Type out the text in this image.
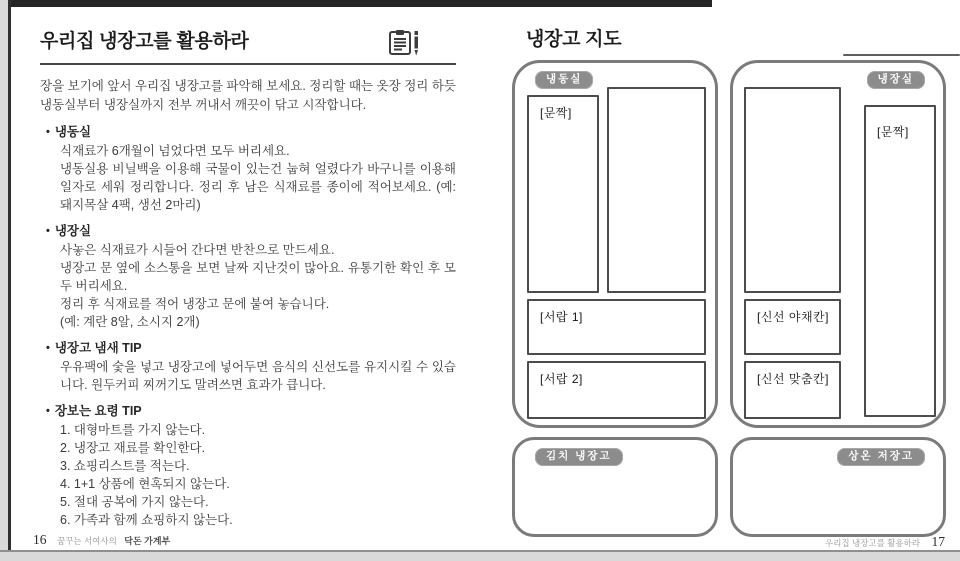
우리집 냉장고를 활용하라

장을 보기에 앞서 우리집 냉장고를 파악해 보세요. 정리할 때는 옷장 정리 하듯 냉동실부터 냉장실까지 전부 꺼내서 깨끗이 닦고 시작합니다.

• 냉동실

식재료가 6개월이 넘었다면 모두 버리세요.

냉동실용 비닐백을 이용해 국물이 있는건 눕혀 얼렸다가 바구니를 이용해 일자로 세워 정리합니다. 정리 후 남은 식재료를 종이에 적어보세요. (예: 돼지목살 4팩, 생선 2마리)

• 냉장실

사놓은 식재료가 시들어 간다면 반찬으로 만드세요.

냉장고 문 옆에 소스통을 보면 날짜 지난것이 많아요. 유통기한 확인 후 모두 버리세요.

정리 후 식재료를 적어 냉장고 문에 붙여 놓습니다.

(예: 계란 8알, 소시지 2개)

• 냉장고 냄새 TIP

우유팩에 숯을 넣고 냉장고에 넣어두면 음식의 신선도를 유지시킬 수 있습니다. 원두커피 찌꺼기도 말려쓰면 효과가 큽니다.

• 장보는 요령 TIP

1. 대형마트를 가지 않는다.

2. 냉장고 재료를 확인한다.

3. 쇼핑리스트를 적는다.

4. 1+1 상품에 현혹되지 않는다.

5. 절대 공복에 가지 않는다.

6. 가족과 함께 쇼핑하지 않는다.

16 꿈꾸는 서여사의 닥돈 가계부
냉장고 지도
냉동실
[문짝]
[서랍 1]
[서랍 2]
냉장실
[문짝]
[신선 야채칸]
[신선 맞춤칸]
김치 냉장고	상온 저장고
우리집 냉장고를 활용하라 17
